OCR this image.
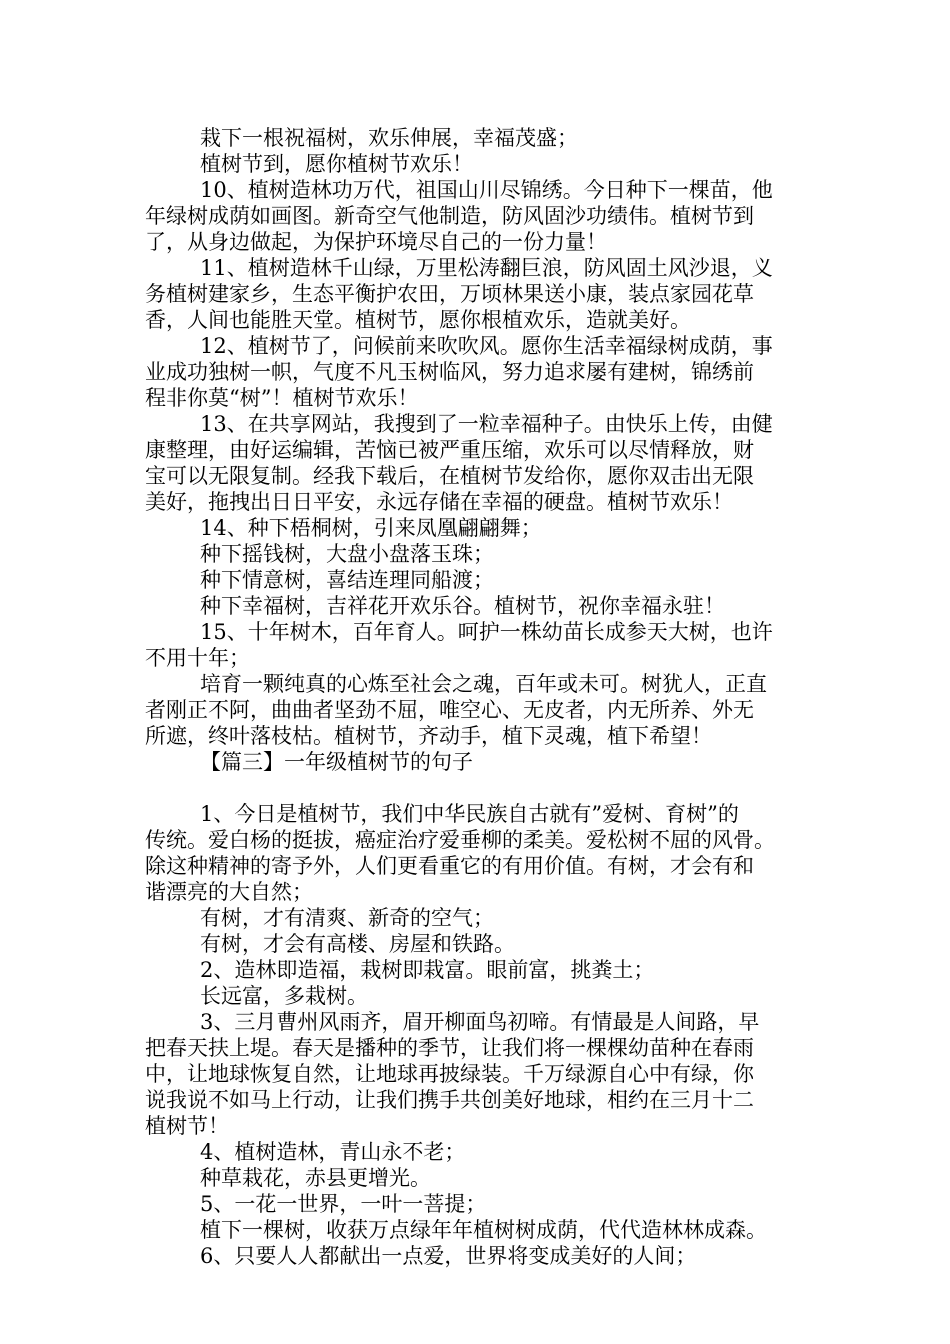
栽下一根祝福树，欢乐伸展，幸福茂盛；
植树节到，愿你植树节欢乐！
10、植树造林功万代，祖国山川尽锦绣。今日种下一棵苗，他
年绿树成荫如画图。新奇空气他制造，防风固沙功绩伟。植树节到
了，从身边做起，为保护环境尽自己的一份力量！
11、植树造林千山绿，万里松涛翻巨浪，防风固土风沙退，义
务植树建家乡，生态平衡护农田，万顷林果送小康，装点家园花草
香，人间也能胜天堂。植树节，愿你根植欢乐，造就美好。
12、植树节了，问候前来吹吹风。愿你生活幸福绿树成荫，事
业成功独树一帜，气度不凡玉树临风，努力追求屡有建树，锦绣前
程非你莫“树”！植树节欢乐！
13、在共享网站，我搜到了一粒幸福种子。由快乐上传，由健
康整理，由好运编辑，苦恼已被严重压缩，欢乐可以尽情释放，财
宝可以无限复制。经我下载后，在植树节发给你，愿你双击出无限
美好，拖拽出日日平安，永远存储在幸福的硬盘。植树节欢乐！
14、种下梧桐树，引来凤凰翩翩舞；
种下摇钱树，大盘小盘落玉珠；
种下情意树，喜结连理同船渡；
种下幸福树，吉祥花开欢乐谷。植树节，祝你幸福永驻！
15、十年树木，百年育人。呵护一株幼苗长成参天大树，也许
不用十年；
培育一颗纯真的心炼至社会之魂，百年或未可。树犹人，正直
者刚正不阿，曲曲者坚劲不屈，唯空心、无皮者，内无所养、外无
所遮，终叶落枝枯。植树节，齐动手，植下灵魂，植下希望！
【篇三】一年级植树节的句子
1、今日是植树节，我们中华民族自古就有”爱树、育树”的
传统。爱白杨的挺拔，癌症治疗爱垂柳的柔美。爱松树不屈的风骨。
除这种精神的寄予外，人们更看重它的有用价值。有树，才会有和
谐漂亮的大自然；
有树，才有清爽、新奇的空气；
有树，才会有高楼、房屋和铁路。
2、造林即造福，栽树即栽富。眼前富，挑粪土；
长远富，多栽树。
3、三月曹州风雨齐，眉开柳面鸟初啼。有情最是人间路，早
把春天扶上堤。春天是播种的季节，让我们将一棵棵幼苗种在春雨
中，让地球恢复自然，让地球再披绿装。千万绿源自心中有绿，你
说我说不如马上行动，让我们携手共创美好地球，相约在三月十二
植树节！
4、植树造林，青山永不老；
种草栽花，赤县更增光。
5、一花一世界，一叶一菩提；
植下一棵树，收获万点绿年年植树树成荫，代代造林林成森。
6、只要人人都献出一点爱，世界将变成美好的人间；
